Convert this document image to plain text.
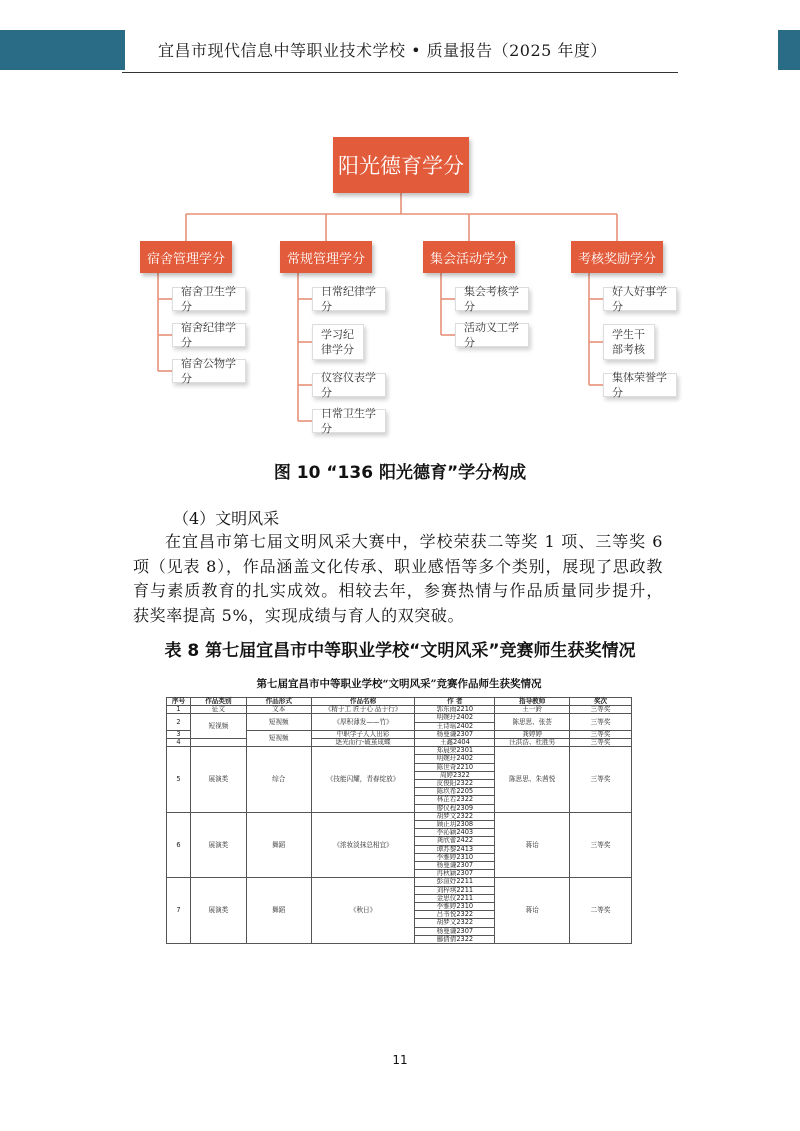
宜昌市现代信息中等职业技术学校 • 质量报告（2025 年度）
阳光德育学分
宿舍管理学分	常规管理学分	集会活动学分	考核奖励学分
宿舍卫生学分
宿舍纪律学分
宿舍公物学分
日常纪律学分
学习纪律学分
仪容仪表学分
日常卫生学分
集会考核学分
活动义工学分
好人好事学分
学生干部考核
集体荣誉学分
图 10 “136 阳光德育”学分构成
（4）文明风采
在宜昌市第七届文明风采大赛中，学校荣获二等奖 1 项、三等奖 6 项（见表 8），作品涵盖文化传承、职业感悟等多个类别，展现了思政教育与素质教育的扎实成效。相较去年，参赛热情与作品质量同步提升，获奖率提高 5%，实现成绩与育人的双突破。
表 8 第七届宜昌市中等职业学校“文明风采”竞赛师生获奖情况
第七届宜昌市中等职业学校“文明风采”竞赛作品师生获奖情况
序号	作品类别	作品形式	作品名称	作 者	指导教师	奖次
1	征文	文本	《精于工 匠于心 品于行》	郭东雨2210	王一鈴	三等奖
2	短视频	短视频	《厚积薄发——竹》	明婉玗2402	陈思思、张荟	三等奖
				王诗瑶2402		
3		短视频	中职学子人人出彩	杨曼谦2307	龚婷婷	三等奖
4			逐光而行-破茧成蝶	王鑫2404	汪洪浩、杜胜男	三等奖
5	展演类	综合	《技能闪耀，青春绽放》	郑晨荣2301	陈思思、朱茜悦	三等奖
				明婉玗2402		
				陈世奇2210		
				周婷2322		
				皮俊阳2322		
				陈玖希2205		
				林芷若2322		
				廖仪程2309		
6	展演类	舞蹈	《浓妆淡抹总相宜》	胡梦文2322	蒋诒	三等奖
				顾正玥2308		
				李沁颖2403		
				龚欣蕾2422		
				谭苏黎2413		
				李雅婷2310		
				杨曼谦2307		
				冉秋颖2307		
7	展演类	舞蹈	《秋日》	彭渲妤2211	蒋诒	二等奖
				刘梓琪2211		
				金思仪2211		
				李雅婷2310		
				吕书悦2322		
				胡梦文2322		
				杨曼谦2307		
				郦倩倩2322		
11
